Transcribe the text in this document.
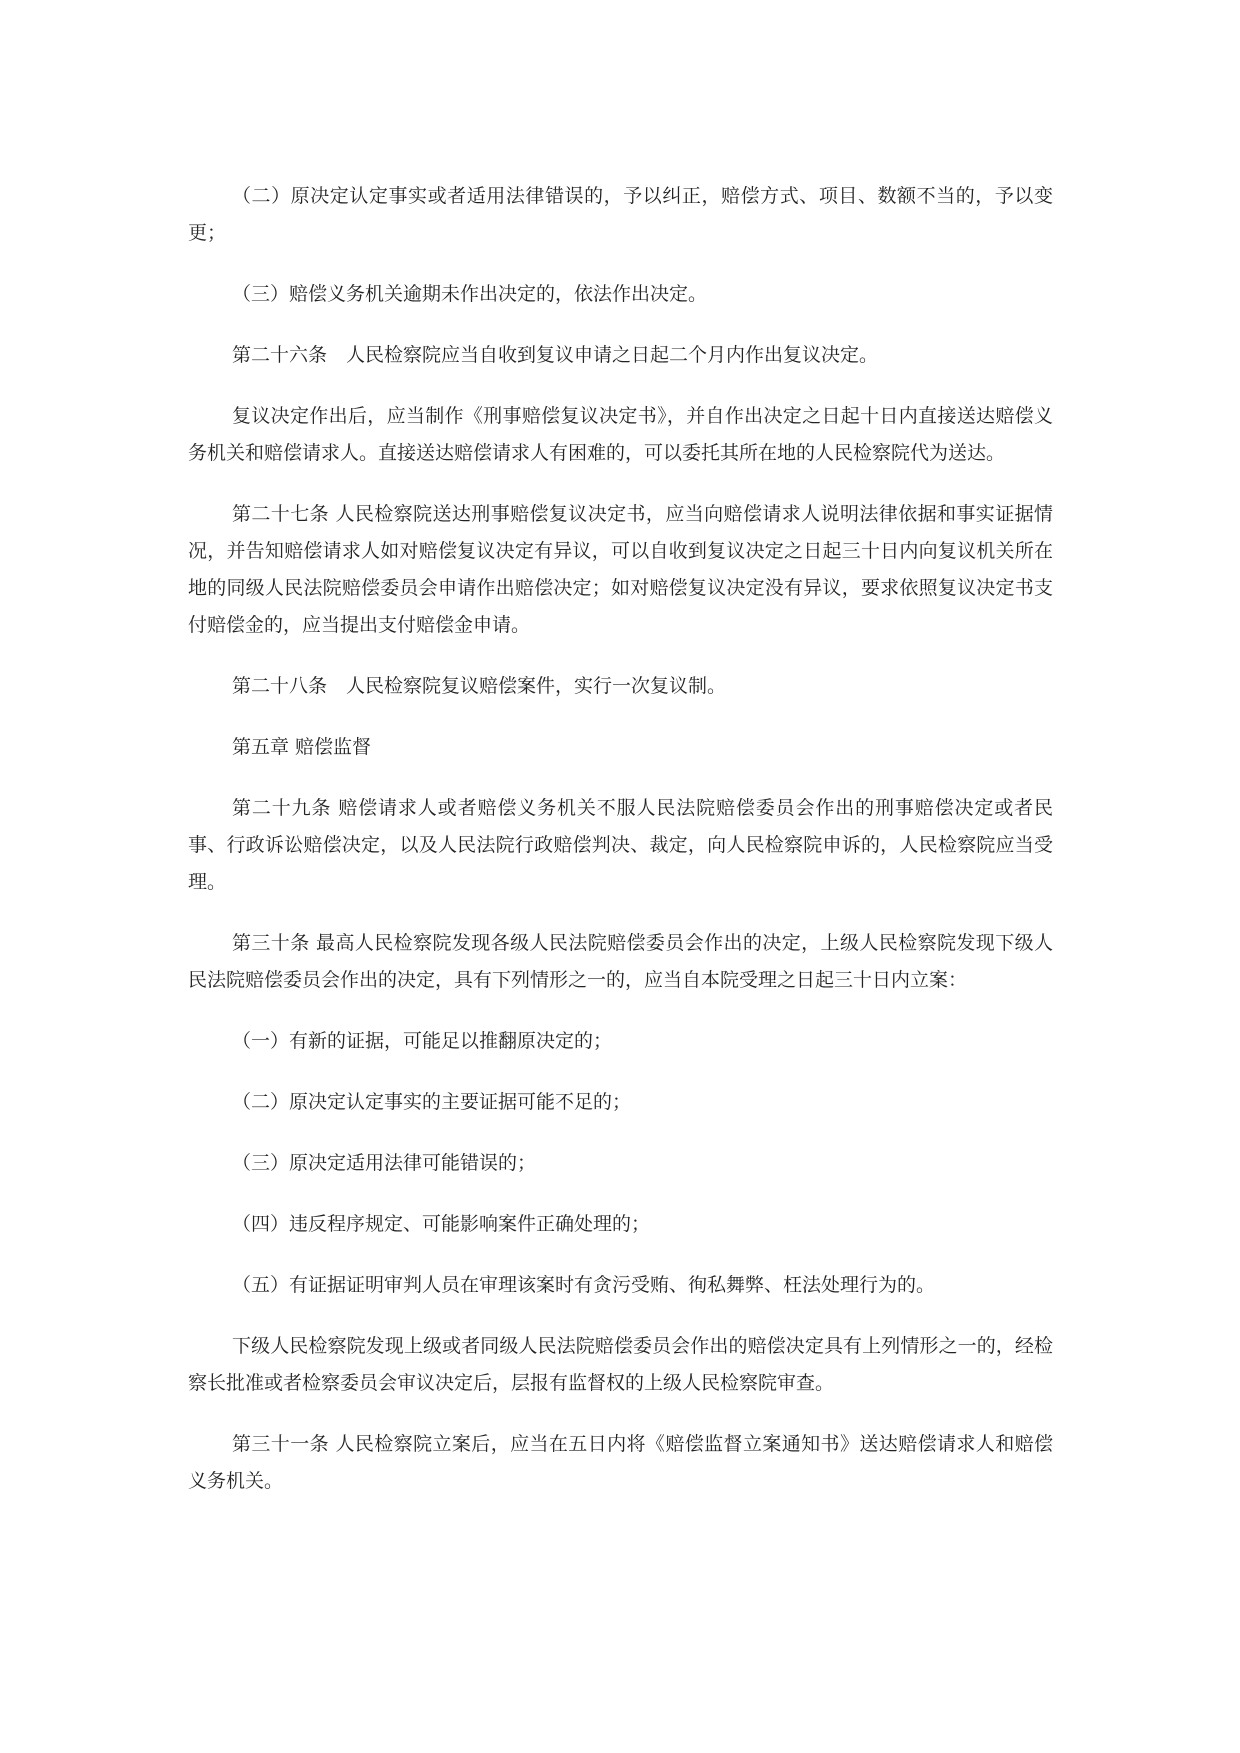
（二）原决定认定事实或者适用法律错误的，予以纠正，赔偿方式、项目、数额不当的，予以变更；

（三）赔偿义务机关逾期未作出决定的，依法作出决定。

第二十六条　人民检察院应当自收到复议申请之日起二个月内作出复议决定。

复议决定作出后，应当制作《刑事赔偿复议决定书》，并自作出决定之日起十日内直接送达赔偿义务机关和赔偿请求人。直接送达赔偿请求人有困难的，可以委托其所在地的人民检察院代为送达。

第二十七条 人民检察院送达刑事赔偿复议决定书，应当向赔偿请求人说明法律依据和事实证据情况，并告知赔偿请求人如对赔偿复议决定有异议，可以自收到复议决定之日起三十日内向复议机关所在地的同级人民法院赔偿委员会申请作出赔偿决定；如对赔偿复议决定没有异议，要求依照复议决定书支付赔偿金的，应当提出支付赔偿金申请。

第二十八条　人民检察院复议赔偿案件，实行一次复议制。

第五章 赔偿监督

第二十九条 赔偿请求人或者赔偿义务机关不服人民法院赔偿委员会作出的刑事赔偿决定或者民事、行政诉讼赔偿决定，以及人民法院行政赔偿判决、裁定，向人民检察院申诉的，人民检察院应当受理。

第三十条 最高人民检察院发现各级人民法院赔偿委员会作出的决定，上级人民检察院发现下级人民法院赔偿委员会作出的决定，具有下列情形之一的，应当自本院受理之日起三十日内立案：

（一）有新的证据，可能足以推翻原决定的；

（二）原决定认定事实的主要证据可能不足的；

（三）原决定适用法律可能错误的；

（四）违反程序规定、可能影响案件正确处理的；

（五）有证据证明审判人员在审理该案时有贪污受贿、徇私舞弊、枉法处理行为的。

下级人民检察院发现上级或者同级人民法院赔偿委员会作出的赔偿决定具有上列情形之一的，经检察长批准或者检察委员会审议决定后，层报有监督权的上级人民检察院审查。

第三十一条 人民检察院立案后，应当在五日内将《赔偿监督立案通知书》送达赔偿请求人和赔偿义务机关。
